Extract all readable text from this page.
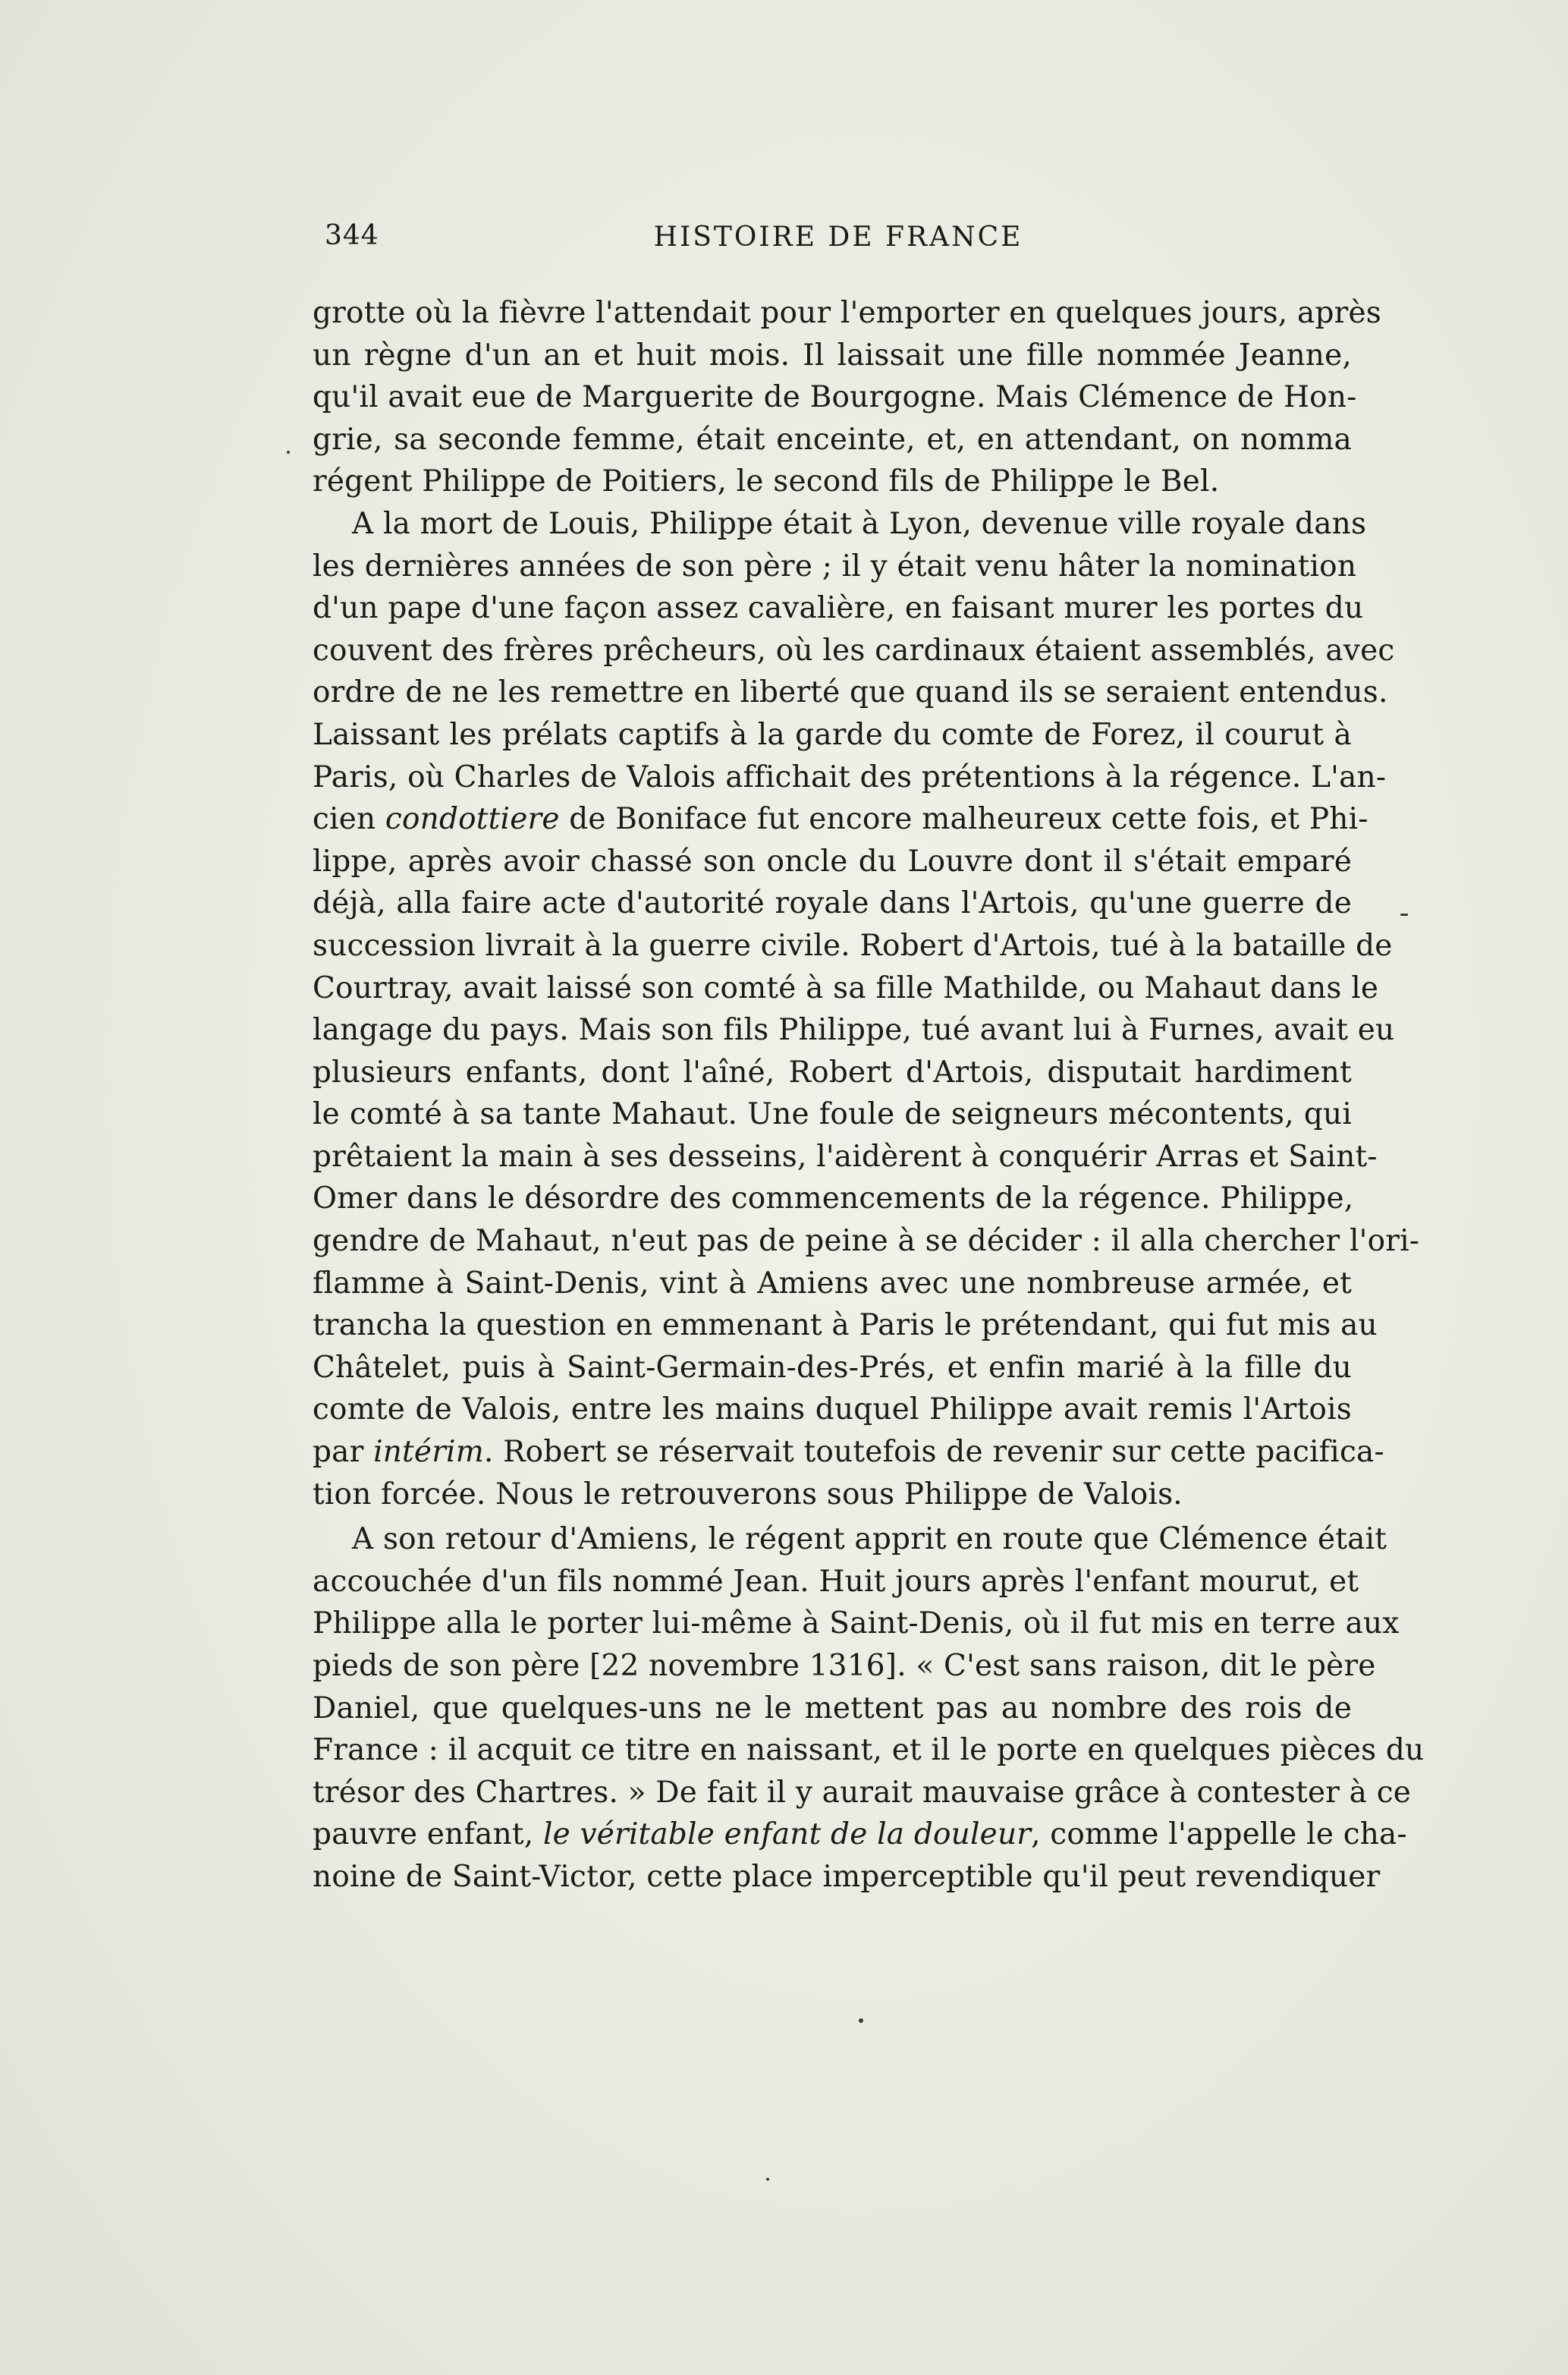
344	HISTOIRE DE FRANCE
grotte où la fièvre l'attendait pour l'emporter en quelques jours, après
un règne d'un an et huit mois. Il laissait une fille nommée Jeanne,
qu'il avait eue de Marguerite de Bourgogne. Mais Clémence de Hon-
grie, sa seconde femme, était enceinte, et, en attendant, on nomma
régent Philippe de Poitiers, le second fils de Philippe le Bel.
A la mort de Louis, Philippe était à Lyon, devenue ville royale dans
les dernières années de son père ; il y était venu hâter la nomination
d'un pape d'une façon assez cavalière, en faisant murer les portes du
couvent des frères prêcheurs, où les cardinaux étaient assemblés, avec
ordre de ne les remettre en liberté que quand ils se seraient entendus.
Laissant les prélats captifs à la garde du comte de Forez, il courut à
Paris, où Charles de Valois affichait des prétentions à la régence. L'an-
cien condottiere de Boniface fut encore malheureux cette fois, et Phi-
lippe, après avoir chassé son oncle du Louvre dont il s'était emparé
déjà, alla faire acte d'autorité royale dans l'Artois, qu'une guerre de
succession livrait à la guerre civile. Robert d'Artois, tué à la bataille de
Courtray, avait laissé son comté à sa fille Mathilde, ou Mahaut dans le
langage du pays. Mais son fils Philippe, tué avant lui à Furnes, avait eu
plusieurs enfants, dont l'aîné, Robert d'Artois, disputait hardiment
le comté à sa tante Mahaut. Une foule de seigneurs mécontents, qui
prêtaient la main à ses desseins, l'aidèrent à conquérir Arras et Saint-
Omer dans le désordre des commencements de la régence. Philippe,
gendre de Mahaut, n'eut pas de peine à se décider : il alla chercher l'ori-
flamme à Saint-Denis, vint à Amiens avec une nombreuse armée, et
trancha la question en emmenant à Paris le prétendant, qui fut mis au
Châtelet, puis à Saint-Germain-des-Prés, et enfin marié à la fille du
comte de Valois, entre les mains duquel Philippe avait remis l'Artois
par intérim. Robert se réservait toutefois de revenir sur cette pacifica-
tion forcée. Nous le retrouverons sous Philippe de Valois.
A son retour d'Amiens, le régent apprit en route que Clémence était
accouchée d'un fils nommé Jean. Huit jours après l'enfant mourut, et
Philippe alla le porter lui-même à Saint-Denis, où il fut mis en terre aux
pieds de son père [22 novembre 1316]. « C'est sans raison, dit le père
Daniel, que quelques-uns ne le mettent pas au nombre des rois de
France : il acquit ce titre en naissant, et il le porte en quelques pièces du
trésor des Chartres. » De fait il y aurait mauvaise grâce à contester à ce
pauvre enfant, le véritable enfant de la douleur, comme l'appelle le cha-
noine de Saint-Victor, cette place imperceptible qu'il peut revendiquer
